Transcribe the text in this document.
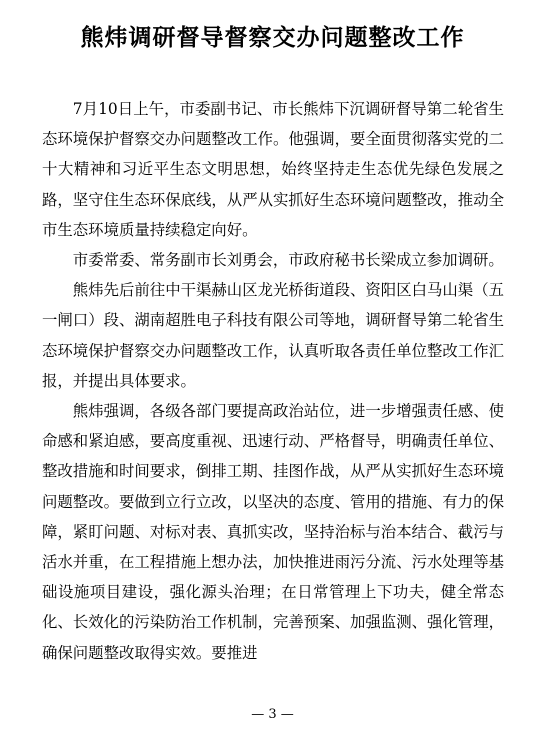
熊炜调研督导督察交办问题整改工作

7月10日上午，市委副书记、市长熊炜下沉调研督导第二轮省生态环境保护督察交办问题整改工作。他强调，要全面贯彻落实党的二十大精神和习近平生态文明思想，始终坚持走生态优先绿色发展之路，坚守住生态环保底线，从严从实抓好生态环境问题整改，推动全市生态环境质量持续稳定向好。

市委常委、常务副市长刘勇会，市政府秘书长梁成立参加调研。

熊炜先后前往中干渠赫山区龙光桥街道段、资阳区白马山渠（五一闸口）段、湖南超胜电子科技有限公司等地，调研督导第二轮省生态环境保护督察交办问题整改工作，认真听取各责任单位整改工作汇报，并提出具体要求。

熊炜强调，各级各部门要提高政治站位，进一步增强责任感、使命感和紧迫感，要高度重视、迅速行动、严格督导，明确责任单位、整改措施和时间要求，倒排工期、挂图作战，从严从实抓好生态环境问题整改。要做到立行立改，以坚决的态度、管用的措施、有力的保障，紧盯问题、对标对表、真抓实改，坚持治标与治本结合、截污与活水并重，在工程措施上想办法，加快推进雨污分流、污水处理等基础设施项目建设，强化源头治理；在日常管理上下功夫，健全常态化、长效化的污染防治工作机制，完善预案、加强监测、强化管理，确保问题整改取得实效。要推进

— 3 —
